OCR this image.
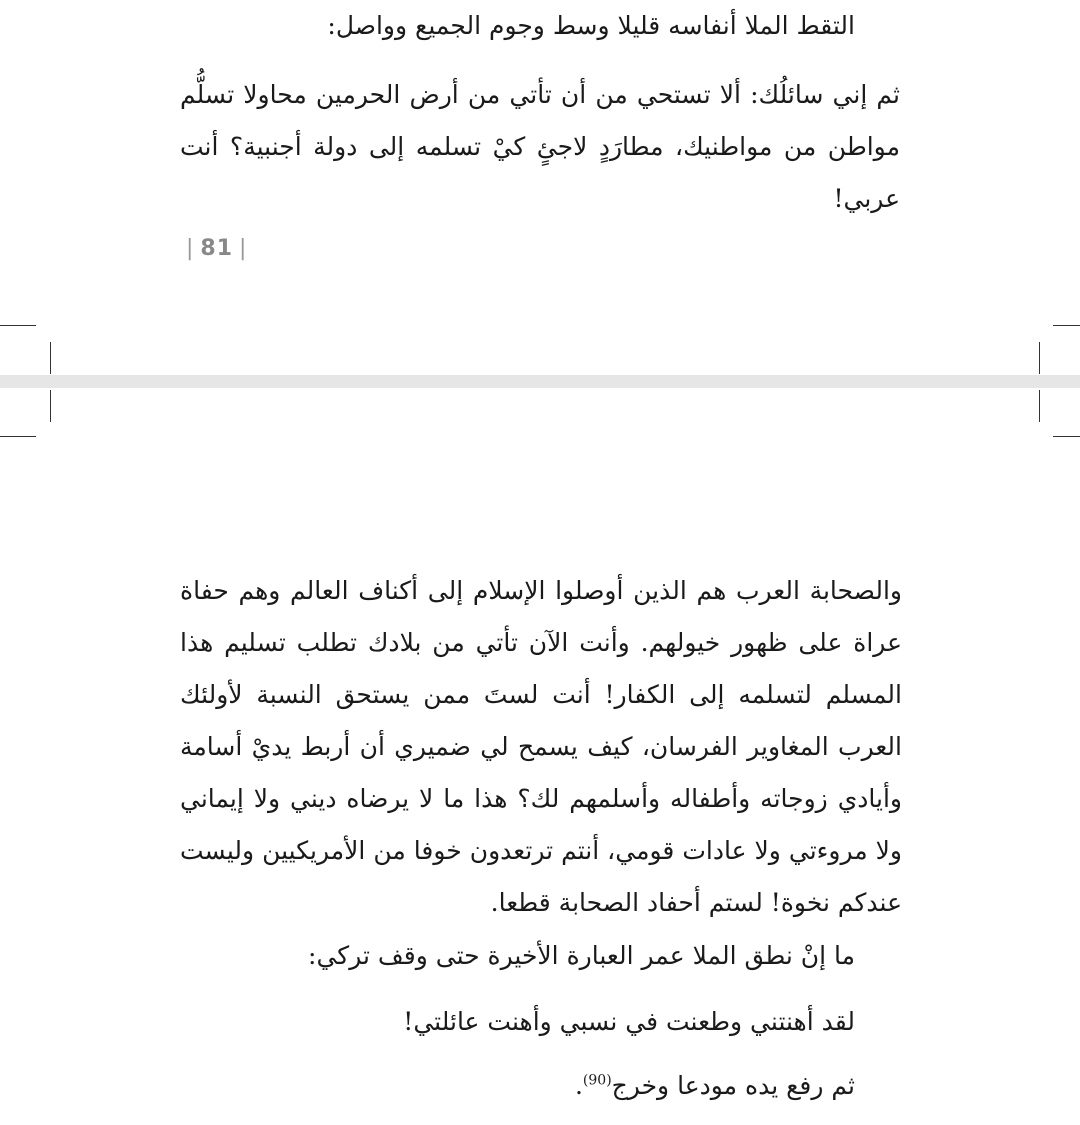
التقط الملا أنفاسه قليلا وسط وجوم الجميع وواصل:

ثم إني سائلُك: ألا تستحي من أن تأتي من أرض الحرمين محاولا تسلُّم مواطن من مواطنيك، مطارَدٍ لاجئٍ كيْ تسلمه إلى دولة أجنبية؟ أنت عربي!

| 81 |

والصحابة العرب هم الذين أوصلوا الإسلام إلى أكناف العالم وهم حفاة عراة على ظهور خيولهم. وأنت الآن تأتي من بلادك تطلب تسليم هذا المسلم لتسلمه إلى الكفار! أنت لستَ ممن يستحق النسبة لأولئك العرب المغاوير الفرسان، كيف يسمح لي ضميري أن أربط يديْ أسامة وأيادي زوجاته وأطفاله وأسلمهم لك؟ هذا ما لا يرضاه ديني ولا إيماني ولا مروءتي ولا عادات قومي، أنتم ترتعدون خوفا من الأمريكيين وليست عندكم نخوة! لستم أحفاد الصحابة قطعا.

ما إنْ نطق الملا عمر العبارة الأخيرة حتى وقف تركي:

لقد أهنتني وطعنت في نسبي وأهنت عائلتي!

ثم رفع يده مودعا وخرج$^{(90)}$.
